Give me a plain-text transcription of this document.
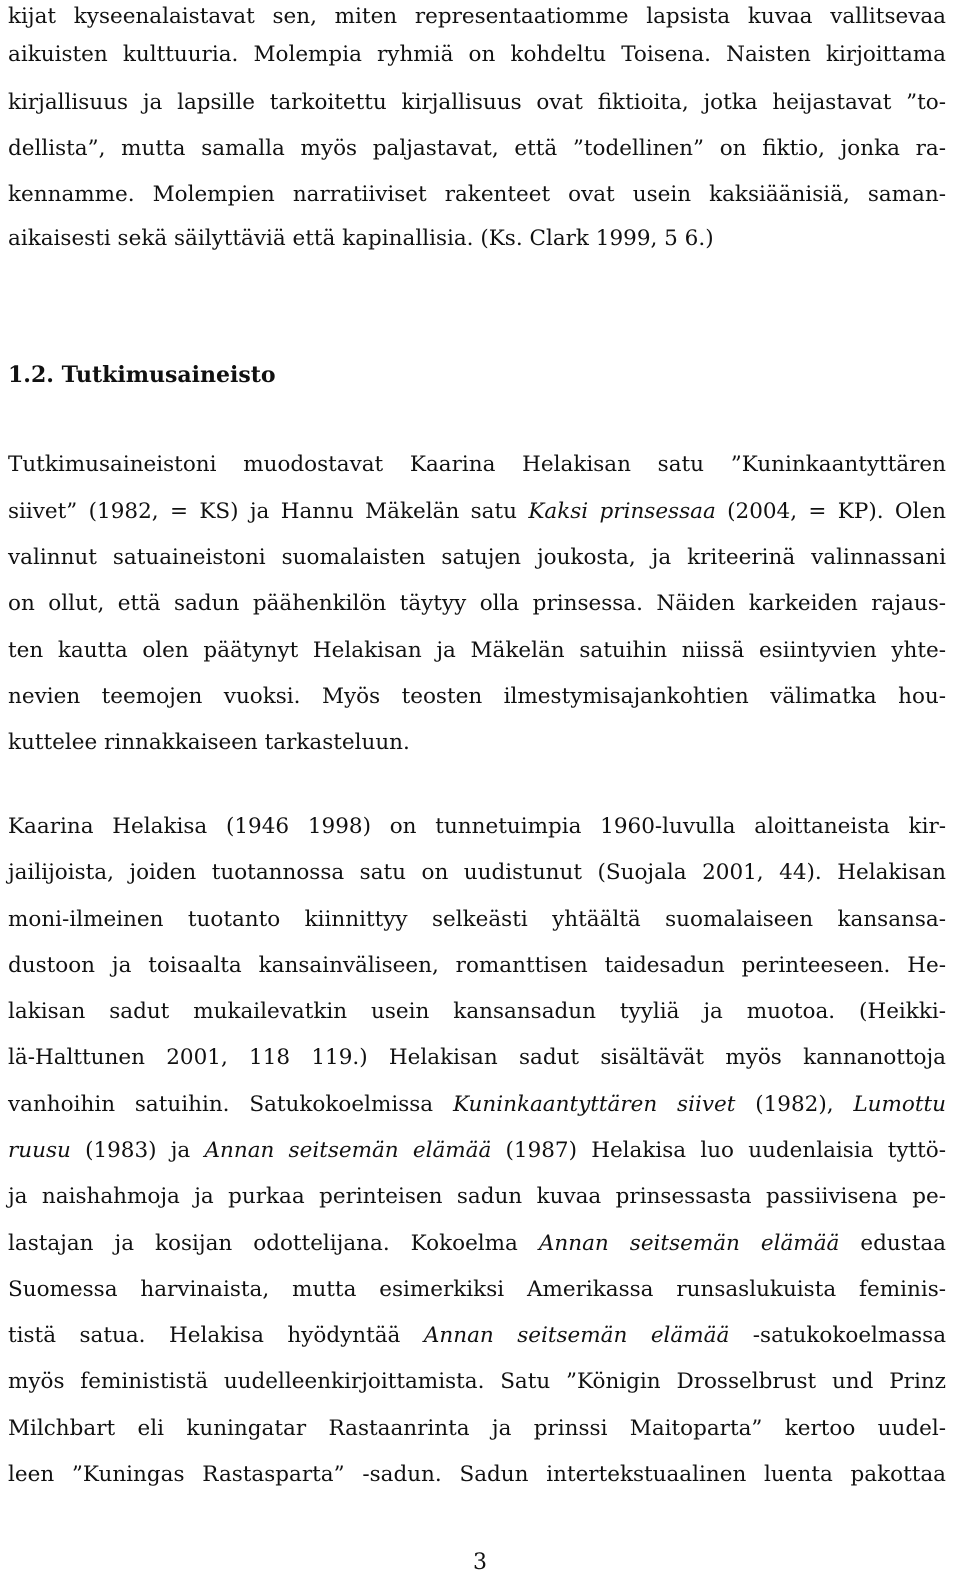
kijat kyseenalaistavat sen, miten representaatiomme lapsista kuvaa vallitsevaa
aikuisten kulttuuria. Molempia ryhmiä on kohdeltu Toisena. Naisten kirjoittama
kirjallisuus ja lapsille tarkoitettu kirjallisuus ovat fiktioita, jotka heijastavat ”to-
dellista”, mutta samalla myös paljastavat, että ”todellinen” on fiktio, jonka ra-
kennamme. Molempien narratiiviset rakenteet ovat usein kaksiäänisiä, saman-
aikaisesti sekä säilyttäviä että kapinallisia. (Ks. Clark 1999, 5 6.)
1.2. Tutkimusaineisto
Tutkimusaineistoni muodostavat Kaarina Helakisan satu ”Kuninkaantyttären
siivet” (1982, = KS) ja Hannu Mäkelän satu Kaksi prinsessaa (2004, = KP). Olen
valinnut satuaineistoni suomalaisten satujen joukosta, ja kriteerinä valinnassani
on ollut, että sadun päähenkilön täytyy olla prinsessa. Näiden karkeiden rajaus-
ten kautta olen päätynyt Helakisan ja Mäkelän satuihin niissä esiintyvien yhte-
nevien teemojen vuoksi. Myös teosten ilmestymisajankohtien välimatka hou-
kuttelee rinnakkaiseen tarkasteluun.
Kaarina Helakisa (1946 1998) on tunnetuimpia 1960-luvulla aloittaneista kir-
jailijoista, joiden tuotannossa satu on uudistunut (Suojala 2001, 44). Helakisan
moni-ilmeinen tuotanto kiinnittyy selkeästi yhtäältä suomalaiseen kansansa-
dustoon ja toisaalta kansainväliseen, romanttisen taidesadun perinteeseen. He-
lakisan sadut mukailevatkin usein kansansadun tyyliä ja muotoa. (Heikki-
lä-Halttunen 2001, 118 119.) Helakisan sadut sisältävät myös kannanottoja
vanhoihin satuihin. Satukokoelmissa Kuninkaantyttären siivet (1982), Lumottu
ruusu (1983) ja Annan seitsemän elämää (1987) Helakisa luo uudenlaisia tyttö-
ja naishahmoja ja purkaa perinteisen sadun kuvaa prinsessasta passiivisena pe-
lastajan ja kosijan odottelijana. Kokoelma Annan seitsemän elämää edustaa
Suomessa harvinaista, mutta esimerkiksi Amerikassa runsaslukuista feminis-
tistä satua. Helakisa hyödyntää Annan seitsemän elämää -satukokoelmassa
myös feminististä uudelleenkirjoittamista. Satu ”Königin Drosselbrust und Prinz
Milchbart eli kuningatar Rastaanrinta ja prinssi Maitoparta” kertoo uudel-
leen ”Kuningas Rastasparta” -sadun. Sadun intertekstuaalinen luenta pakottaa
3
